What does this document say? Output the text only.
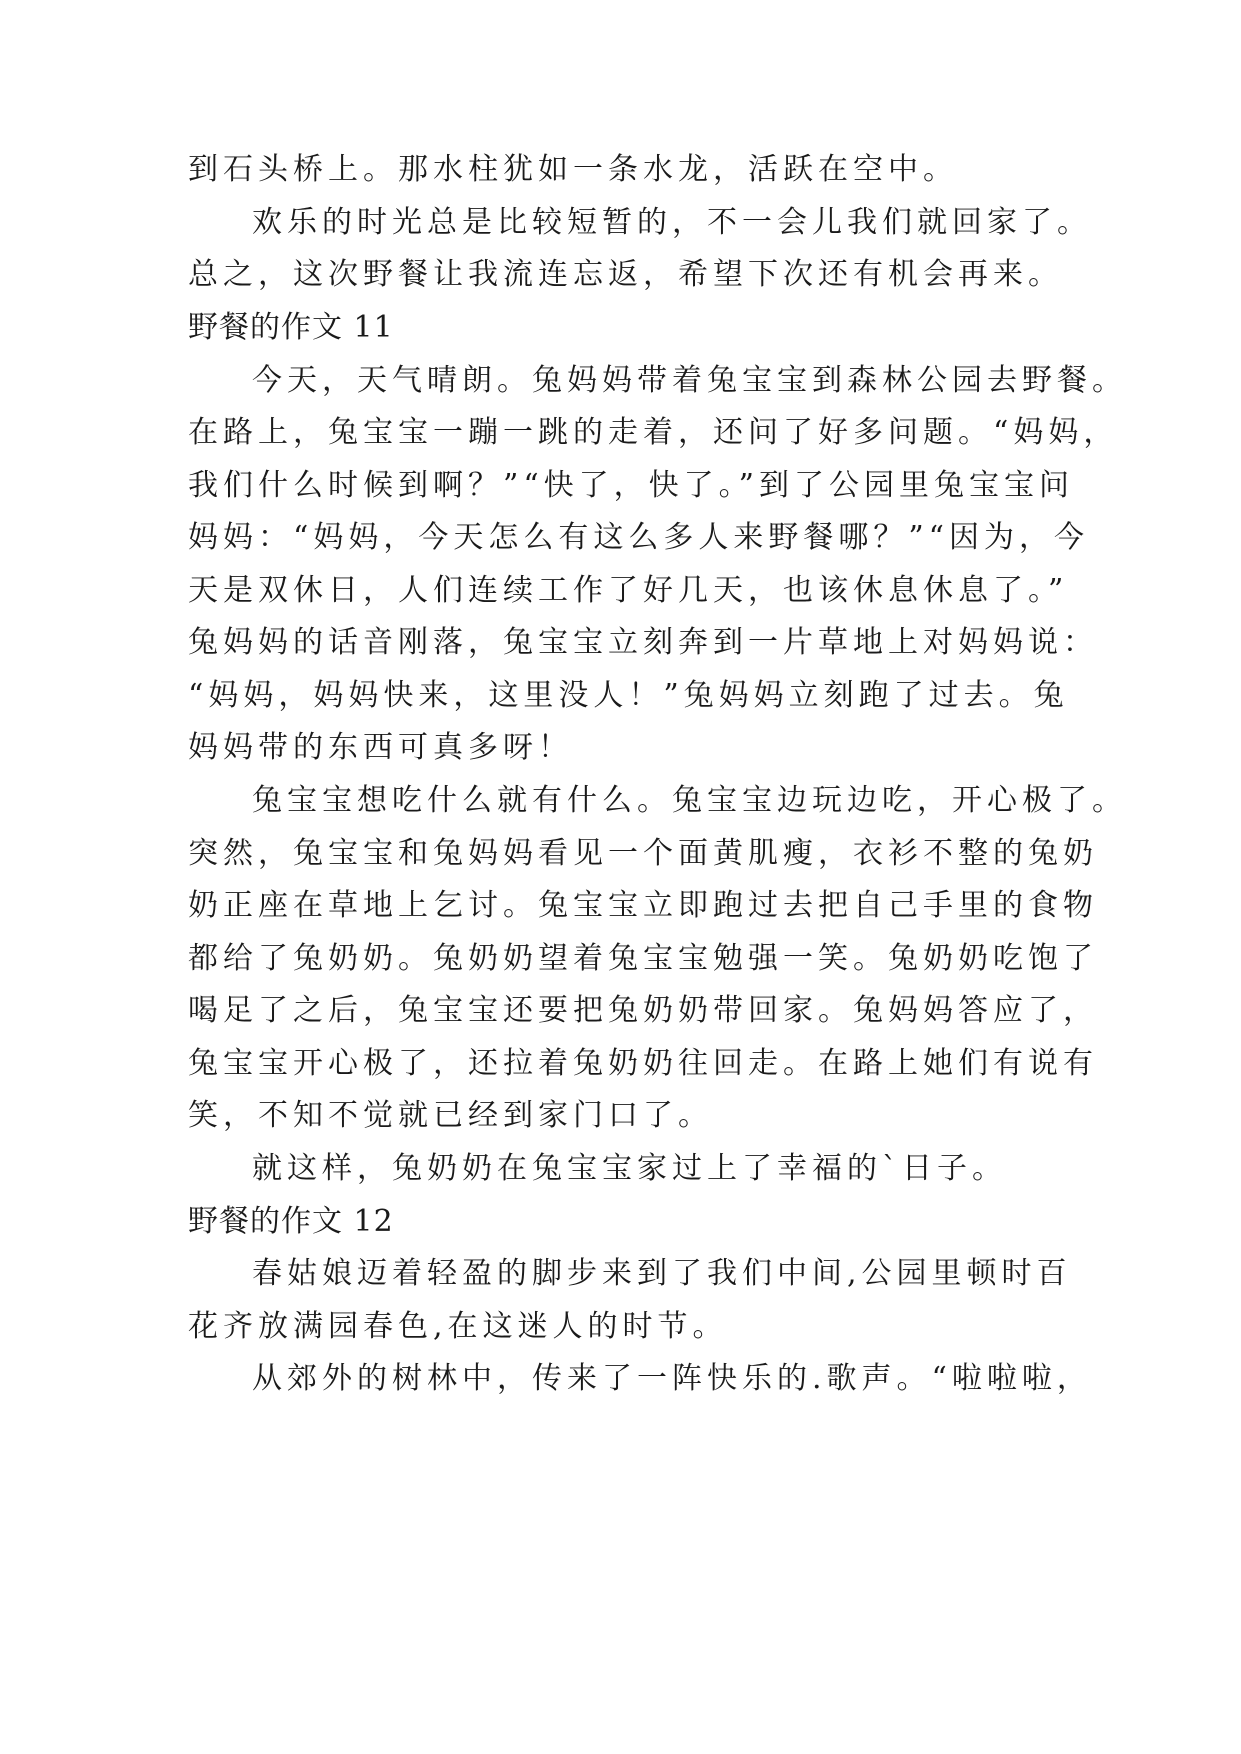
到石头桥上。那水柱犹如一条水龙，活跃在空中。

欢乐的时光总是比较短暂的，不一会儿我们就回家了。

总之，这次野餐让我流连忘返，希望下次还有机会再来。

野餐的作文 11

今天，天气晴朗。兔妈妈带着兔宝宝到森林公园去野餐。

在路上，兔宝宝一蹦一跳的走着，还问了好多问题。“妈妈，

我们什么时候到啊？”“快了，快了。”到了公园里兔宝宝问

妈妈：“妈妈，今天怎么有这么多人来野餐哪？”“因为，今

天是双休日，人们连续工作了好几天，也该休息休息了。”

兔妈妈的话音刚落，兔宝宝立刻奔到一片草地上对妈妈说：

“妈妈，妈妈快来，这里没人！”兔妈妈立刻跑了过去。兔

妈妈带的东西可真多呀！

兔宝宝想吃什么就有什么。兔宝宝边玩边吃，开心极了。

突然，兔宝宝和兔妈妈看见一个面黄肌瘦，衣衫不整的兔奶

奶正座在草地上乞讨。兔宝宝立即跑过去把自己手里的食物

都给了兔奶奶。兔奶奶望着兔宝宝勉强一笑。兔奶奶吃饱了

喝足了之后，兔宝宝还要把兔奶奶带回家。兔妈妈答应了，

兔宝宝开心极了，还拉着兔奶奶往回走。在路上她们有说有

笑，不知不觉就已经到家门口了。

就这样，兔奶奶在兔宝宝家过上了幸福的`日子。

野餐的作文 12

春姑娘迈着轻盈的脚步来到了我们中间,公园里顿时百

花齐放满园春色,在这迷人的时节。

从郊外的树林中，传来了一阵快乐的.歌声。“啦啦啦，
